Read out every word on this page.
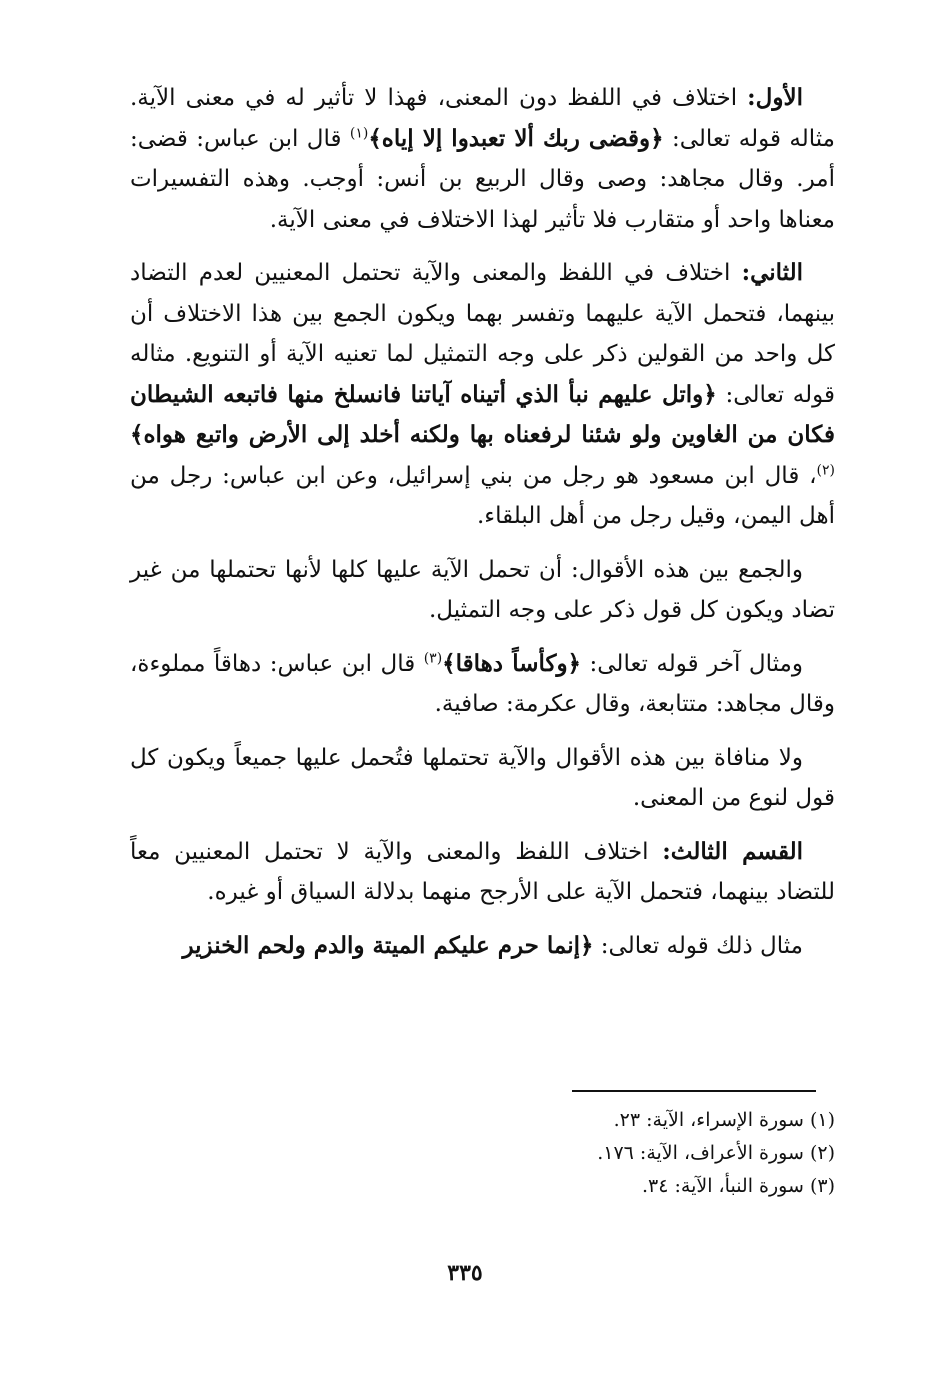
الأول: اختلاف في اللفظ دون المعنى، فهذا لا تأثير له في معنى الآية. مثاله قوله تعالى: ﴿وقضى ربك ألا تعبدوا إلا إياه﴾$^{(١)}$ قال ابن عباس: قضى: أمر. وقال مجاهد: وصى وقال الربيع بن أنس: أوجب. وهذه التفسيرات معناها واحد أو متقارب فلا تأثير لهذا الاختلاف في معنى الآية.

الثاني: اختلاف في اللفظ والمعنى والآية تحتمل المعنيين لعدم التضاد بينهما، فتحمل الآية عليهما وتفسر بهما ويكون الجمع بين هذا الاختلاف أن كل واحد من القولين ذكر على وجه التمثيل لما تعنيه الآية أو التنويع. مثاله قوله تعالى: ﴿واتل عليهم نبأ الذي أتيناه آياتنا فانسلخ منها فاتبعه الشيطان فكان من الغاوين ولو شئنا لرفعناه بها ولكنه أخلد إلى الأرض واتبع هواه﴾$^{(٢)}$، قال ابن مسعود هو رجل من بني إسرائيل، وعن ابن عباس: رجل من أهل اليمن، وقيل رجل من أهل البلقاء.

والجمع بين هذه الأقوال: أن تحمل الآية عليها كلها لأنها تحتملها من غير تضاد ويكون كل قول ذكر على وجه التمثيل.

ومثال آخر قوله تعالى: ﴿وكأساً دهاقا﴾$^{(٣)}$ قال ابن عباس: دهاقاً مملوءة، وقال مجاهد: متتابعة، وقال عكرمة: صافية.

ولا منافاة بين هذه الأقوال والآية تحتملها فتُحمل عليها جميعاً ويكون كل قول لنوع من المعنى.

القسم الثالث: اختلاف اللفظ والمعنى والآية لا تحتمل المعنيين معاً للتضاد بينهما، فتحمل الآية على الأرجح منهما بدلالة السياق أو غيره.

مثال ذلك قوله تعالى: ﴿إنما حرم عليكم الميتة والدم ولحم الخنزير

(١) سورة الإسراء، الآية: ٢٣.

(٢) سورة الأعراف، الآية: ١٧٦.

(٣) سورة النبأ، الآية: ٣٤.

٣٣٥
